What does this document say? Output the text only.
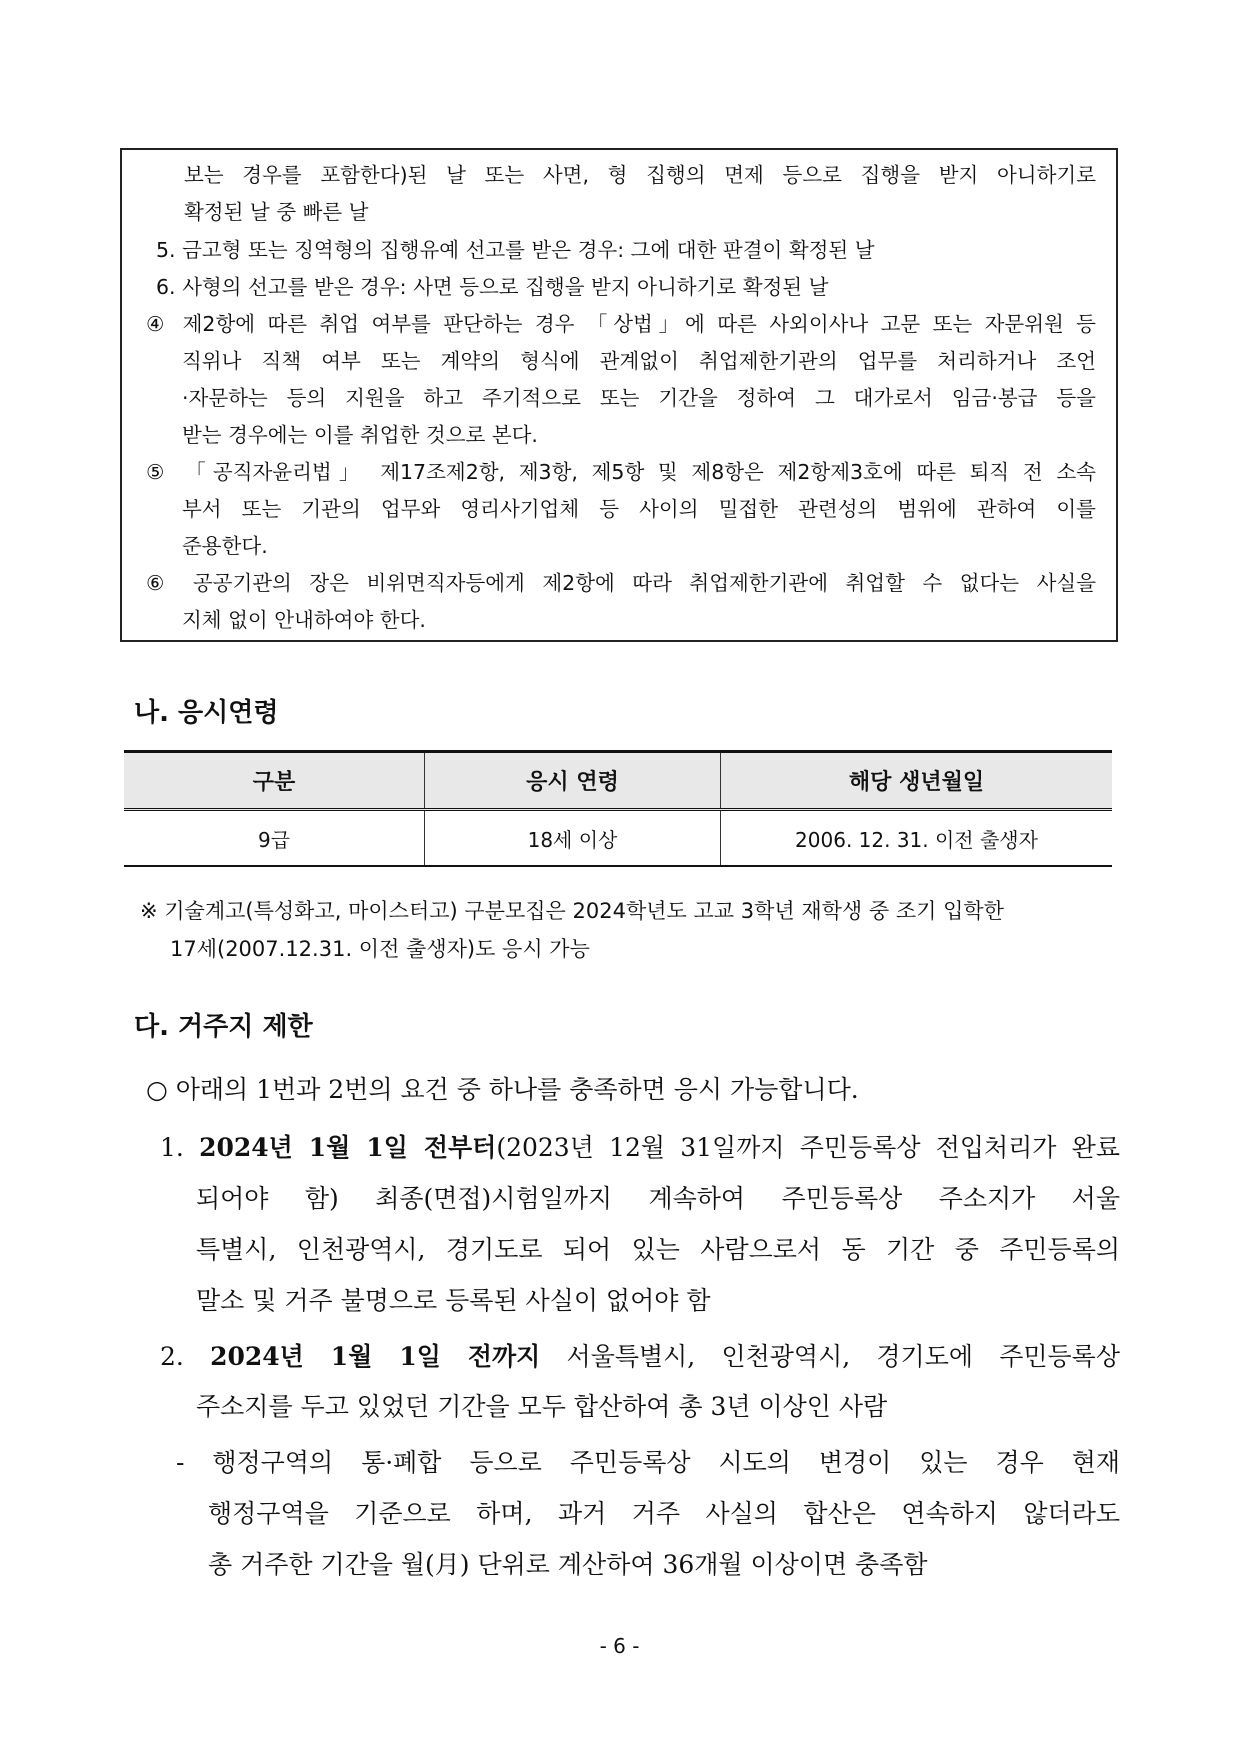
보는 경우를 포함한다)된 날 또는 사면, 형 집행의 면제 등으로 집행을 받지 아니하기로
확정된 날 중 빠른 날
5. 금고형 또는 징역형의 집행유예 선고를 받은 경우: 그에 대한 판결이 확정된 날
6. 사형의 선고를 받은 경우: 사면 등으로 집행을 받지 아니하기로 확정된 날
④ 제2항에 따른 취업 여부를 판단하는 경우 「상법」에 따른 사외이사나 고문 또는 자문위원 등
직위나 직책 여부 또는 계약의 형식에 관계없이 취업제한기관의 업무를 처리하거나 조언
·자문하는 등의 지원을 하고 주기적으로 또는 기간을 정하여 그 대가로서 임금·봉급 등을
받는 경우에는 이를 취업한 것으로 본다.
⑤ 「공직자윤리법」 제17조제2항, 제3항, 제5항 및 제8항은 제2항제3호에 따른 퇴직 전 소속
부서 또는 기관의 업무와 영리사기업체 등 사이의 밀접한 관련성의 범위에 관하여 이를
준용한다.
⑥ 공공기관의 장은 비위면직자등에게 제2항에 따라 취업제한기관에 취업할 수 없다는 사실을
지체 없이 안내하여야 한다.
나. 응시연령
구분	응시 연령	해당 생년월일
9급	18세 이상	2006. 12. 31. 이전 출생자
※ 기술계고(특성화고, 마이스터고) 구분모집은 2024학년도 고교 3학년 재학생 중 조기 입학한
17세(2007.12.31. 이전 출생자)도 응시 가능
다. 거주지 제한
○ 아래의 1번과 2번의 요건 중 하나를 충족하면 응시 가능합니다.
1. 2024년 1월 1일 전부터(2023년 12월 31일까지 주민등록상 전입처리가 완료
되어야 함) 최종(면접)시험일까지 계속하여 주민등록상 주소지가 서울
특별시, 인천광역시, 경기도로 되어 있는 사람으로서 동 기간 중 주민등록의
말소 및 거주 불명으로 등록된 사실이 없어야 함
2. 2024년 1월 1일 전까지 서울특별시, 인천광역시, 경기도에 주민등록상
주소지를 두고 있었던 기간을 모두 합산하여 총 3년 이상인 사람
- 행정구역의 통·폐합 등으로 주민등록상 시도의 변경이 있는 경우 현재
행정구역을 기준으로 하며, 과거 거주 사실의 합산은 연속하지 않더라도
총 거주한 기간을 월(月) 단위로 계산하여 36개월 이상이면 충족함
- 6 -
